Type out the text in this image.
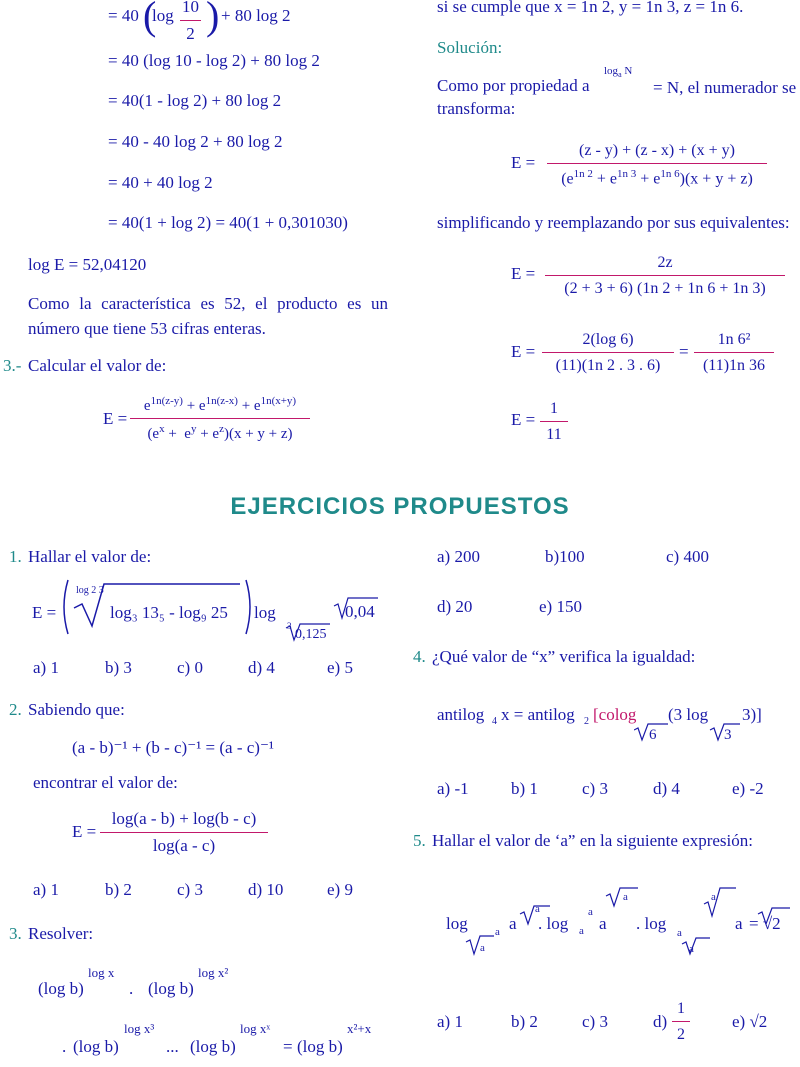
= 40 (
$\log \frac{10}{2}$ ) + 80 log 2
= 40 (log 10 - log 2) + 80 log 2
= 40(1 - log 2) + 80 log 2
= 40 - 40 log 2 + 80 log 2
= 40 + 40 log 2
= 40(1 + log 2) = 40(1 + 0,301030)
log E = 52,04120
Como la característica es 52, el producto es un número que tiene 53 cifras enteras.
3.- Calcular el valor de:
$E = \frac{e^{1n(z-y)} + e^{1n(z-x)} + e^{1n(x+y)}}{(e^x + e^y + e^z)(x + y + z)}$
si se cumple que x = 1n 2, y = 1n 3, z = 1n 6.
Solución:
Como por propiedad a
$\log_a N$
= N, el numerador se transforma:
$E = \frac{(z - y) + (z - x) + (x + y)}{(e^{1n 2} + e^{1n 3} + e^{1n 6})(x + y + z)}$
simplificando y reemplazando por sus equivalentes:
$E = \frac{2z}{(2 + 3 + 6) (1n 2 + 1n 6 + 1n 3)}$
$E = \frac{2(\log 6)}{(11)(1n 2 . 3 . 6)} = \frac{\text{1n 6²}}{(11)1n 36}$
$E = \frac{1}{11}$
EJERCICIOS PROPUESTOS
1. Hallar el valor de:
E =
log 2 3
log₃ 13₅ - log₉ 25 log
3
0,125
0,04
a) 1	b) 3	c) 0	d) 4	e) 5
2. Sabiendo que:
(a - b)⁻¹ + (b - c)⁻¹ = (a - c)⁻¹
encontrar el valor de:
$E = \frac{\log(a - b) + \log(b - c)}{\log(a - c)}$
a) 1	b) 2	c) 3	d) 10	e) 9
3. Resolver:
(log b)
log x
. (log b)
log x²
. (log b)
log x³
... (log b)
log xˣ
= (log b)
x²+x
a) 200	b)100	c) 400
d) 20	e) 150
4. ¿Qué valor de “x” verifica la igualdad:
antilog 4 x = antilog 2 [colog
6
(3 log
3
3)]
a) -1 b) 1	c) 3	d) 4	e) -2
5. Hallar el valor de ‘a” en la siguiente expresión:
log
a
a a
a
. log a
a
a
a
. log a
a
a
a = √2
a) 1	b) 2	c) 3	$d) \frac{1}{2} e$) √2
